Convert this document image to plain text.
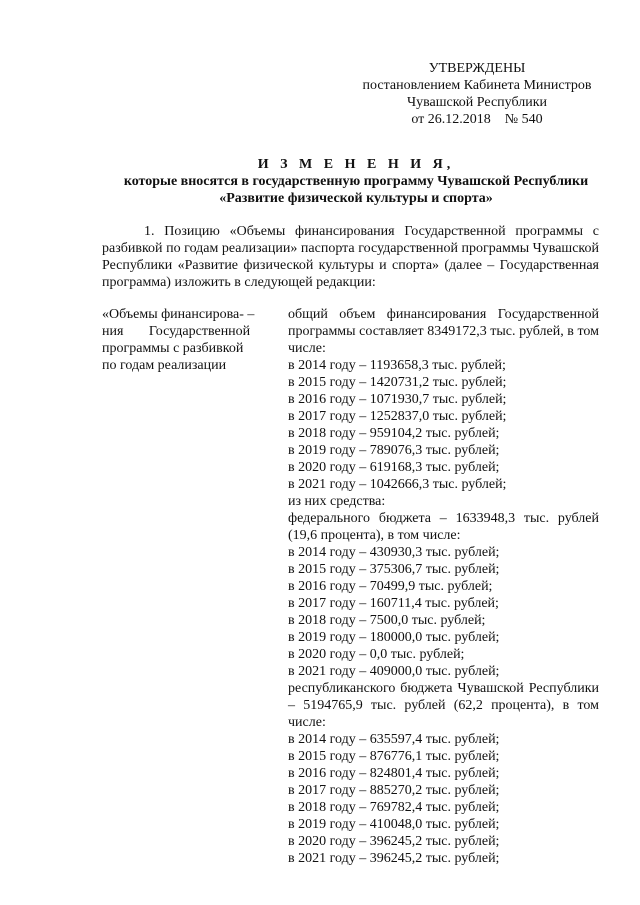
УТВЕРЖДЕНЫ
постановлением Кабинета Министров
Чувашской Республики
от 26.12.2018    № 540
И З М Е Н Е Н И Я,
которые вносятся в государственную программу Чувашской Республики
«Развитие физической культуры и спорта»
1. Позицию «Объемы финансирования Государственной программы с разбивкой по годам реализации» паспорта государственной программы Чувашской Республики «Развитие физической культуры и спорта» (далее – Государственная программа) изложить в следующей редакции:
«Объемы финансирова- –
ния Государственной
программы с разбивкой
по годам реализации
общий объем финансирования Государственной программы составляет 8349172,3 тыс. рублей, в том числе:
в 2014 году – 1193658,3 тыс. рублей;
в 2015 году – 1420731,2 тыс. рублей;
в 2016 году – 1071930,7 тыс. рублей;
в 2017 году – 1252837,0 тыс. рублей;
в 2018 году – 959104,2 тыс. рублей;
в 2019 году – 789076,3 тыс. рублей;
в 2020 году – 619168,3 тыс. рублей;
в 2021 году – 1042666,3 тыс. рублей;
из них средства:
федерального бюджета – 1633948,3 тыс. рублей (19,6 процента), в том числе:
в 2014 году – 430930,3 тыс. рублей;
в 2015 году – 375306,7 тыс. рублей;
в 2016 году – 70499,9 тыс. рублей;
в 2017 году – 160711,4 тыс. рублей;
в 2018 году – 7500,0 тыс. рублей;
в 2019 году – 180000,0 тыс. рублей;
в 2020 году – 0,0 тыс. рублей;
в 2021 году – 409000,0 тыс. рублей;
республиканского бюджета Чувашской Республики – 5194765,9 тыс. рублей (62,2 процента), в том числе:
в 2014 году – 635597,4 тыс. рублей;
в 2015 году – 876776,1 тыс. рублей;
в 2016 году – 824801,4 тыс. рублей;
в 2017 году – 885270,2 тыс. рублей;
в 2018 году – 769782,4 тыс. рублей;
в 2019 году – 410048,0 тыс. рублей;
в 2020 году – 396245,2 тыс. рублей;
в 2021 году – 396245,2 тыс. рублей;
